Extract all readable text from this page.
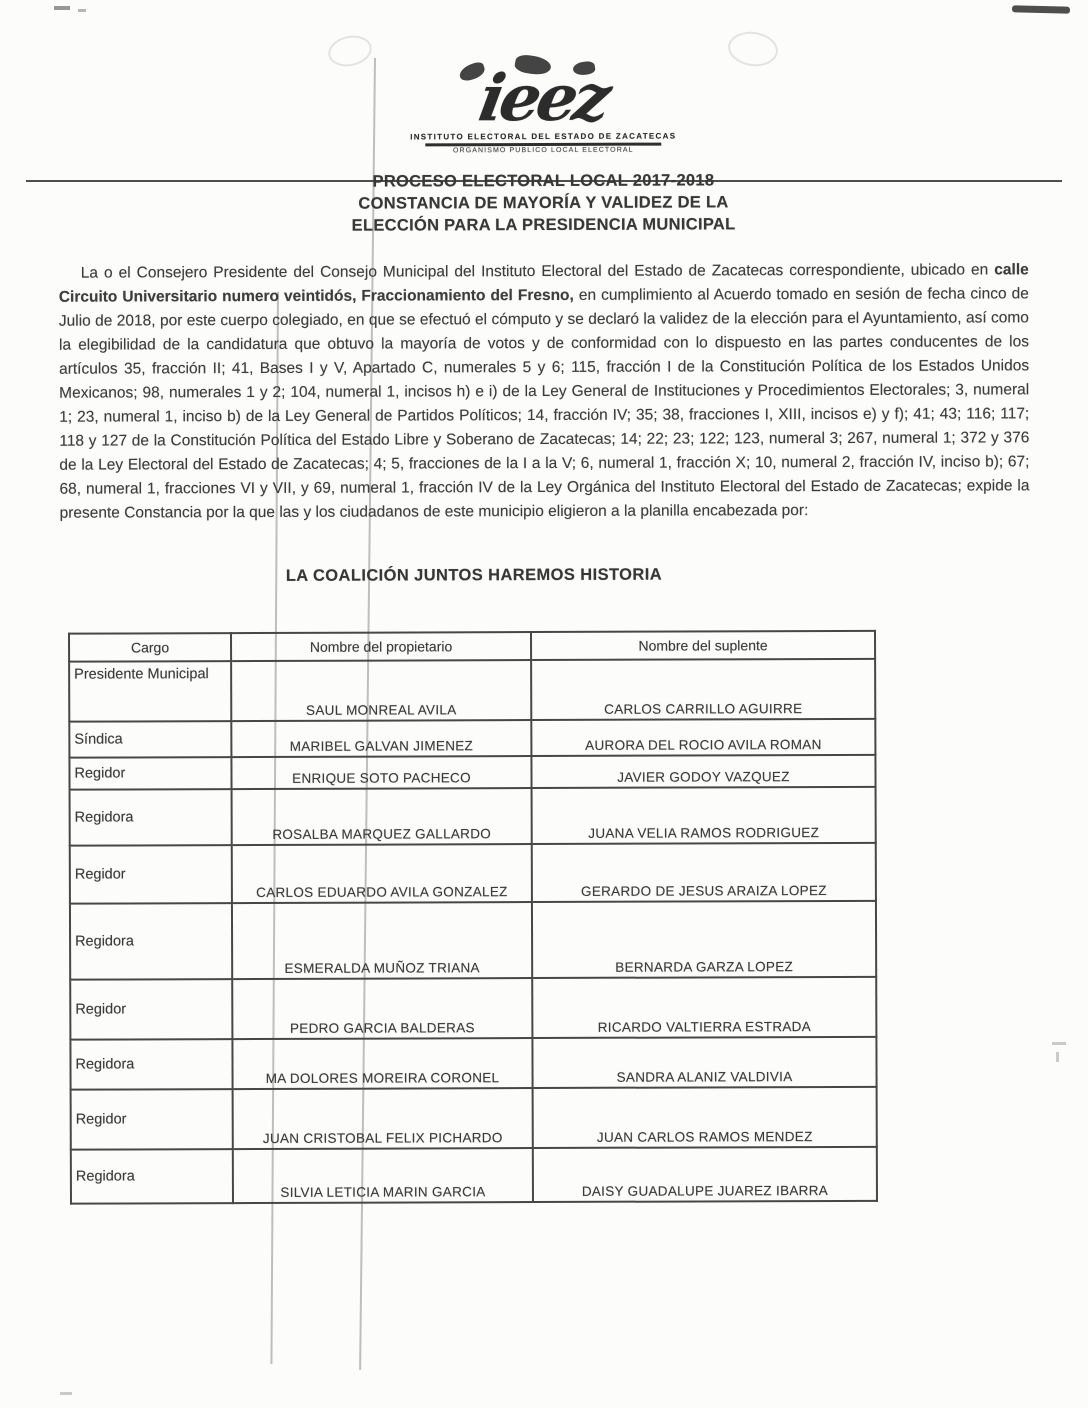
ieez
INSTITUTO ELECTORAL DEL ESTADO DE ZACATECAS
ORGANISMO PUBLICO LOCAL ELECTORAL
PROCESO ELECTORAL LOCAL 2017-2018
CONSTANCIA DE MAYORÍA Y VALIDEZ DE LA
ELECCIÓN PARA LA PRESIDENCIA MUNICIPAL

La o el Consejero Presidente del Consejo Municipal del Instituto Electoral del Estado de Zacatecas correspondiente, ubicado en calle Circuito Universitario numero veintidós, Fraccionamiento del Fresno, en cumplimiento al Acuerdo tomado en sesión de fecha cinco de Julio de 2018, por este cuerpo colegiado, en que se efectuó el cómputo y se declaró la validez de la elección para el Ayuntamiento, así como la elegibilidad de la candidatura que obtuvo la mayoría de votos y de conformidad con lo dispuesto en las partes conducentes de los artículos 35, fracción II; 41, Bases I y V, Apartado C, numerales 5 y 6; 115, fracción I de la Constitución Política de los Estados Unidos Mexicanos; 98, numerales 1 y 2; 104, numeral 1, incisos h) e i) de la Ley General de Instituciones y Procedimientos Electorales; 3, numeral 1; 23, numeral 1, inciso b) de la Ley General de Partidos Políticos; 14, fracción IV; 35; 38, fracciones I, XIII, incisos e) y f); 41; 43; 116; 117; 118 y 127 de la Constitución Política del Estado Libre y Soberano de Zacatecas; 14; 22; 23; 122; 123, numeral 3; 267, numeral 1; 372 y 376 de la Ley Electoral del Estado de Zacatecas; 4; 5, fracciones de la I a la V; 6, numeral 1, fracción X; 10, numeral 2, fracción IV, inciso b); 67; 68, numeral 1, fracciones VI y VII, y 69, numeral 1, fracción IV de la Ley Orgánica del Instituto Electoral del Estado de Zacatecas; expide la presente Constancia por la que las y los ciudadanos de este municipio eligieron a la planilla encabezada por:

LA COALICIÓN JUNTOS HAREMOS HISTORIA
Cargo	Nombre del propietario	Nombre del suplente
Presidente Municipal	SAUL MONREAL AVILA	CARLOS CARRILLO AGUIRRE
Síndica	MARIBEL GALVAN JIMENEZ	AURORA DEL ROCIO AVILA ROMAN
Regidor	ENRIQUE SOTO PACHECO	JAVIER GODOY VAZQUEZ
Regidora	ROSALBA MARQUEZ GALLARDO	JUANA VELIA RAMOS RODRIGUEZ
Regidor	CARLOS EDUARDO AVILA GONZALEZ	GERARDO DE JESUS ARAIZA LOPEZ
Regidora	ESMERALDA MUÑOZ TRIANA	BERNARDA GARZA LOPEZ
Regidor	PEDRO GARCIA BALDERAS	RICARDO VALTIERRA ESTRADA
Regidora	MA DOLORES MOREIRA CORONEL	SANDRA ALANIZ VALDIVIA
Regidor	JUAN CRISTOBAL FELIX PICHARDO	JUAN CARLOS RAMOS MENDEZ
Regidora	SILVIA LETICIA MARIN GARCIA	DAISY GUADALUPE JUAREZ IBARRA
